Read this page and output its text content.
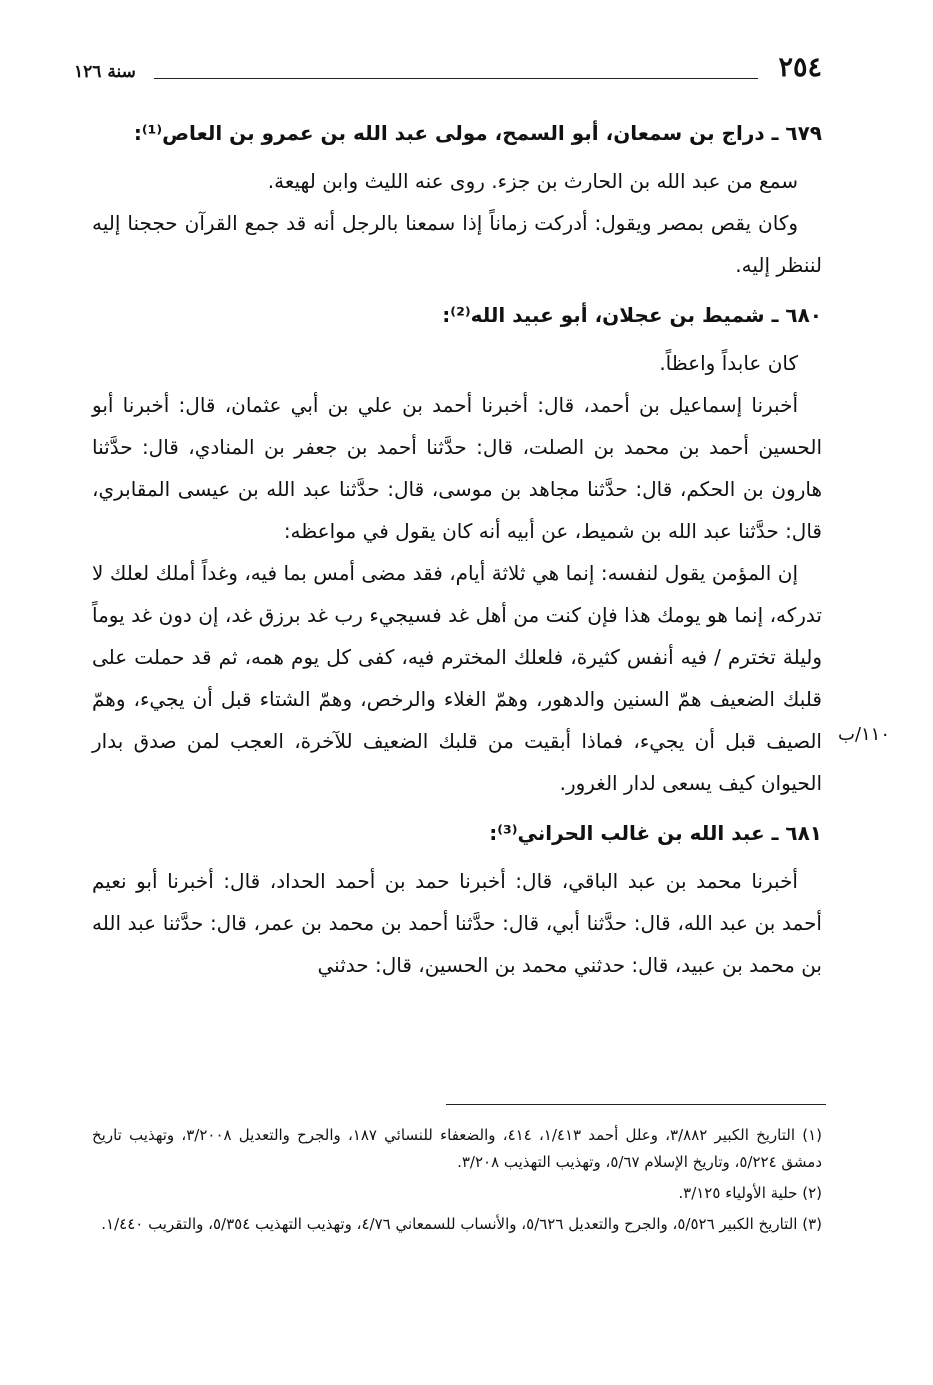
٢٥٤
سنة ١٢٦

٦٧٩ ـ دراج بن سمعان، أبو السمح، مولى عبد الله بن عمرو بن العاص⁽¹⁾:

سمع من عبد الله بن الحارث بن جزء. روى عنه الليث وابن لهيعة.

وكان يقص بمصر ويقول: أدركت زماناً إذا سمعنا بالرجل أنه قد جمع القرآن حججنا إليه لننظر إليه.

٦٨٠ ـ شميط بن عجلان، أبو عبيد الله⁽²⁾:

كان عابداً واعظاً.

أخبرنا إسماعيل بن أحمد، قال: أخبرنا أحمد بن علي بن أبي عثمان، قال: أخبرنا أبو الحسين أحمد بن محمد بن الصلت، قال: حدَّثنا أحمد بن جعفر بن المنادي، قال: حدَّثنا هارون بن الحكم، قال: حدَّثنا مجاهد بن موسى، قال: حدَّثنا عبد الله بن عيسى المقابري، قال: حدَّثنا عبد الله بن شميط، عن أبيه أنه كان يقول في مواعظه:

إن المؤمن يقول لنفسه: إنما هي ثلاثة أيام، فقد مضى أمس بما فيه، وغداً أملك لعلك لا تدركه، إنما هو يومك هذا فإن كنت من أهل غد فسيجيء رب غد برزق غد، إن دون غد يوماً وليلة تخترم / فيه أنفس كثيرة، فلعلك المخترم فيه، كفى كل يوم همه، ثم قد حملت على قلبك الضعيف همّ السنين والدهور، وهمّ الغلاء والرخص، وهمّ الشتاء قبل أن يجيء، وهمّ الصيف قبل أن يجيء، فماذا أبقيت من قلبك الضعيف للآخرة، العجب لمن صدق بدار الحيوان كيف يسعى لدار الغرور.

٦٨١ ـ عبد الله بن غالب الحراني⁽³⁾:

أخبرنا محمد بن عبد الباقي، قال: أخبرنا حمد بن أحمد الحداد، قال: أخبرنا أبو نعيم أحمد بن عبد الله، قال: حدَّثنا أبي، قال: حدَّثنا أحمد بن محمد بن عمر، قال: حدَّثنا عبد الله بن محمد بن عبيد، قال: حدثني محمد بن الحسين، قال: حدثني

١١٠/ب

(١) التاريخ الكبير ٣/٨٨٢، وعلل أحمد ١/٤١٣، ٤١٤، والضعفاء للنسائي ١٨٧، والجرح والتعديل ٣/٢٠٠٨، وتهذيب تاريخ دمشق ٥/٢٢٤، وتاريخ الإسلام ٥/٦٧، وتهذيب التهذيب ٣/٢٠٨.

(٢) حلية الأولياء ٣/١٢٥.

(٣) التاريخ الكبير ٥/٥٢٦، والجرح والتعديل ٥/٦٢٦، والأنساب للسمعاني ٤/٧٦، وتهذيب التهذيب ٥/٣٥٤، والتقريب ١/٤٤٠.
